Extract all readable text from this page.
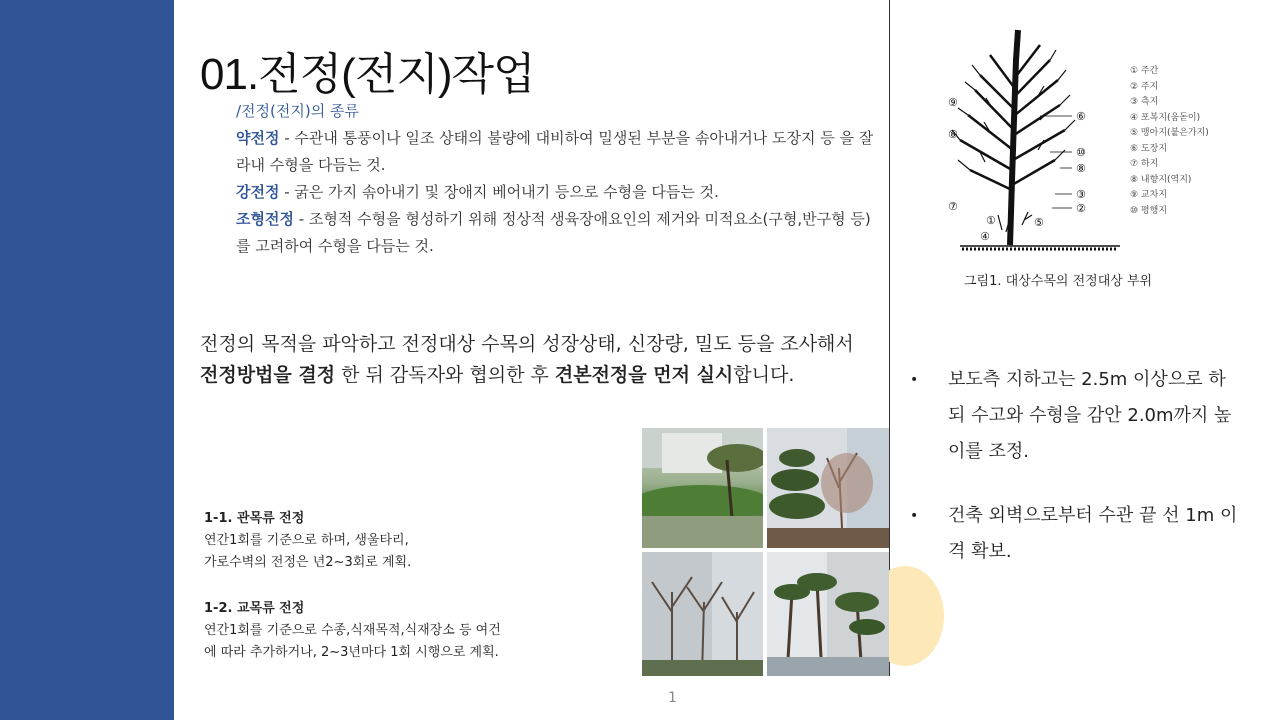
01.전정(전지)작업
/전정(전지)의 종류
약전정 - 수관내 통풍이나 일조 상태의 불량에 대비하여 밀생된 부분을 솎아내거나 도장지 등 을 잘라내 수형을 다듬는 것.
강전정 - 굵은 가지 솎아내기 및 장애지 베어내기 등으로 수형을 다듬는 것.
조형전정 - 조형적 수형을 형성하기 위해 정상적 생육장애요인의 제거와 미적요소(구형,반구형 등)를 고려하여 수형을 다듬는 것.
전정의 목적을 파악하고 전정대상 수목의 성장상태, 신장량, 밀도 등을 조사해서 전정방법을 결정 한 뒤 감독자와 협의한 후 견본전정을 먼저 실시합니다.
1-1. 관목류 전정
연간1회를 기준으로 하며, 생울타리,
가로수벽의 전정은 년2~3회로 계획.
1-2. 교목류 전정
연간1회를 기준으로 수종,식재목적,식재장소 등 여건
에 따라 추가하거나, 2~3년마다 1회 시행으로 계획.
⑨
⑧
⑦
①
④
⑥
⑩
⑧
③
②
⑤
① 주간
② 주지
③ 측지
④ 포복지(움돋이)
⑤ 맹아지(붙은가지)
⑥ 도장지
⑦ 하지
⑧ 내향지(역지)
⑨ 교차지
⑩ 평행지
그림1. 대상수목의 전정대상 부위
• 보도측 지하고는 2.5m 이상으로 하되 수고와 수형을 감안 2.0m까지 높이를 조정.
• 건축 외벽으로부터 수관 끝 선 1m 이격 확보.
1
